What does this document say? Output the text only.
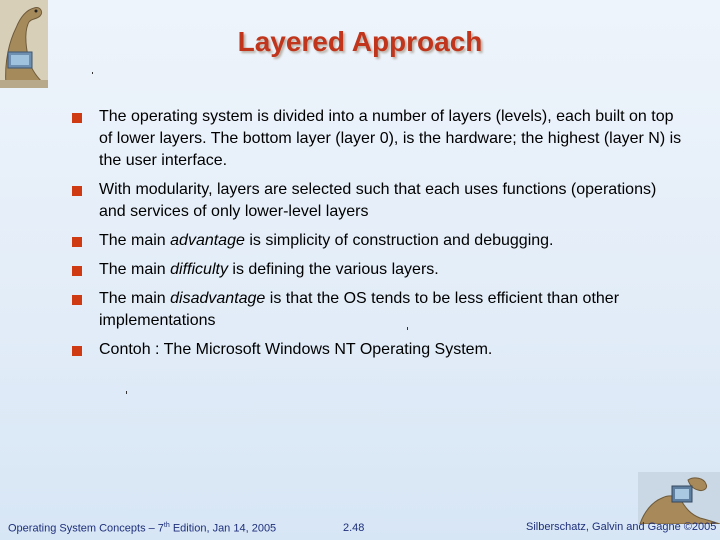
Layered Approach
The operating system is divided into a number of layers (levels), each built on top of lower layers. The bottom layer (layer 0), is the hardware; the highest (layer N) is the user interface.
With modularity, layers are selected such that each uses functions (operations) and services of only lower-level layers
The main advantage is simplicity of construction and debugging.
The main difficulty is defining the various layers.
The main disadvantage is that the OS tends to be less efficient than other implementations
Contoh : The Microsoft Windows NT Operating System.
Operating System Concepts – 7th Edition, Jan 14, 2005	2.48	Silberschatz, Galvin and Gagne ©2005
